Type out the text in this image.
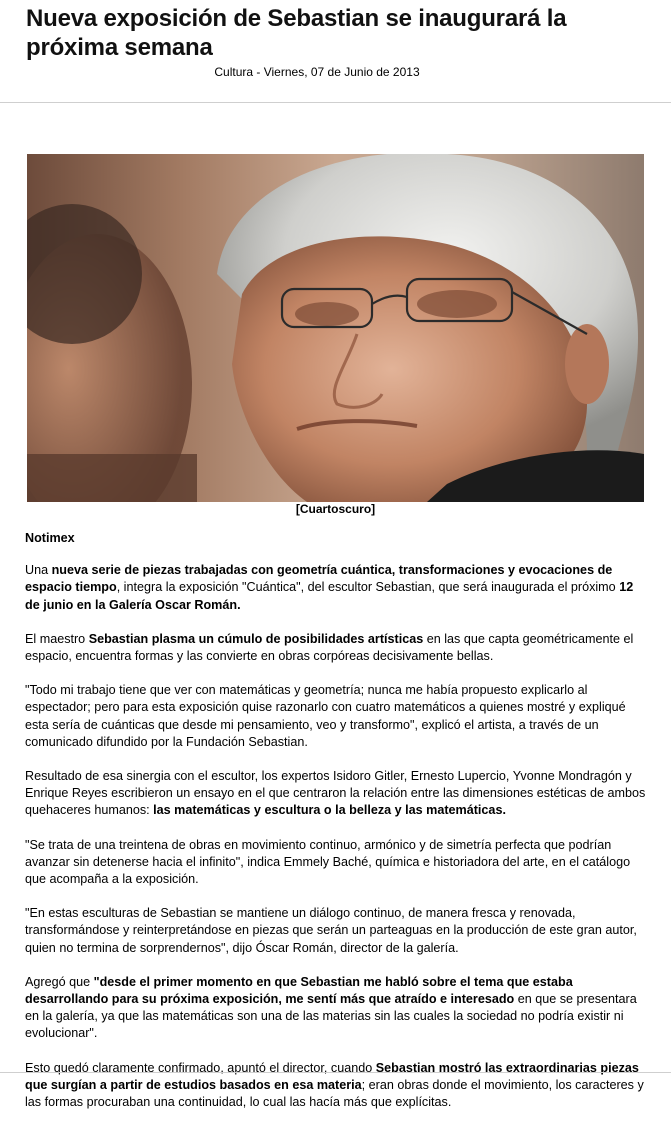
Nueva exposición de Sebastian se inaugurará la próxima semana
Cultura - Viernes, 07 de Junio de 2013
[Cuartoscuro]

Notimex

Una nueva serie de piezas trabajadas con geometría cuántica, transformaciones y evocaciones de espacio tiempo, integra la exposición "Cuántica", del escultor Sebastian, que será inaugurada el próximo 12 de junio en la Galería Oscar Román.

El maestro Sebastian plasma un cúmulo de posibilidades artísticas en las que capta geométricamente el espacio, encuentra formas y las convierte en obras corpóreas decisivamente bellas.

"Todo mi trabajo tiene que ver con matemáticas y geometría; nunca me había propuesto explicarlo al espectador; pero para esta exposición quise razonarlo con cuatro matemáticos a quienes mostré y expliqué esta sería de cuánticas que desde mi pensamiento, veo y transformo", explicó el artista, a través de un comunicado difundido por la Fundación Sebastian.

Resultado de esa sinergia con el escultor, los expertos Isidoro Gitler, Ernesto Lupercio, Yvonne Mondragón y Enrique Reyes escribieron un ensayo en el que centraron la relación entre las dimensiones estéticas de ambos quehaceres humanos: las matemáticas y escultura o la belleza y las matemáticas.

"Se trata de una treintena de obras en movimiento continuo, armónico y de simetría perfecta que podrían avanzar sin detenerse hacia el infinito", indica Emmely Baché, química e historiadora del arte, en el catálogo que acompaña a la exposición.

"En estas esculturas de Sebastian se mantiene un diálogo continuo, de manera fresca y renovada, transformándose y reinterpretándose en piezas que serán un parteaguas en la producción de este gran autor, quien no termina de sorprendernos", dijo Óscar Román, director de la galería.

Agregó que "desde el primer momento en que Sebastian me habló sobre el tema que estaba desarrollando para su próxima exposición, me sentí más que atraído e interesado en que se presentara en la galería, ya que las matemáticas son una de las materias sin las cuales la sociedad no podría existir ni evolucionar".

Esto quedó claramente confirmado, apuntó el director, cuando Sebastian mostró las extraordinarias piezas que surgían a partir de estudios basados en esa materia; eran obras donde el movimiento, los caracteres y las formas procuraban una continuidad, lo cual las hacía más que explícitas.
